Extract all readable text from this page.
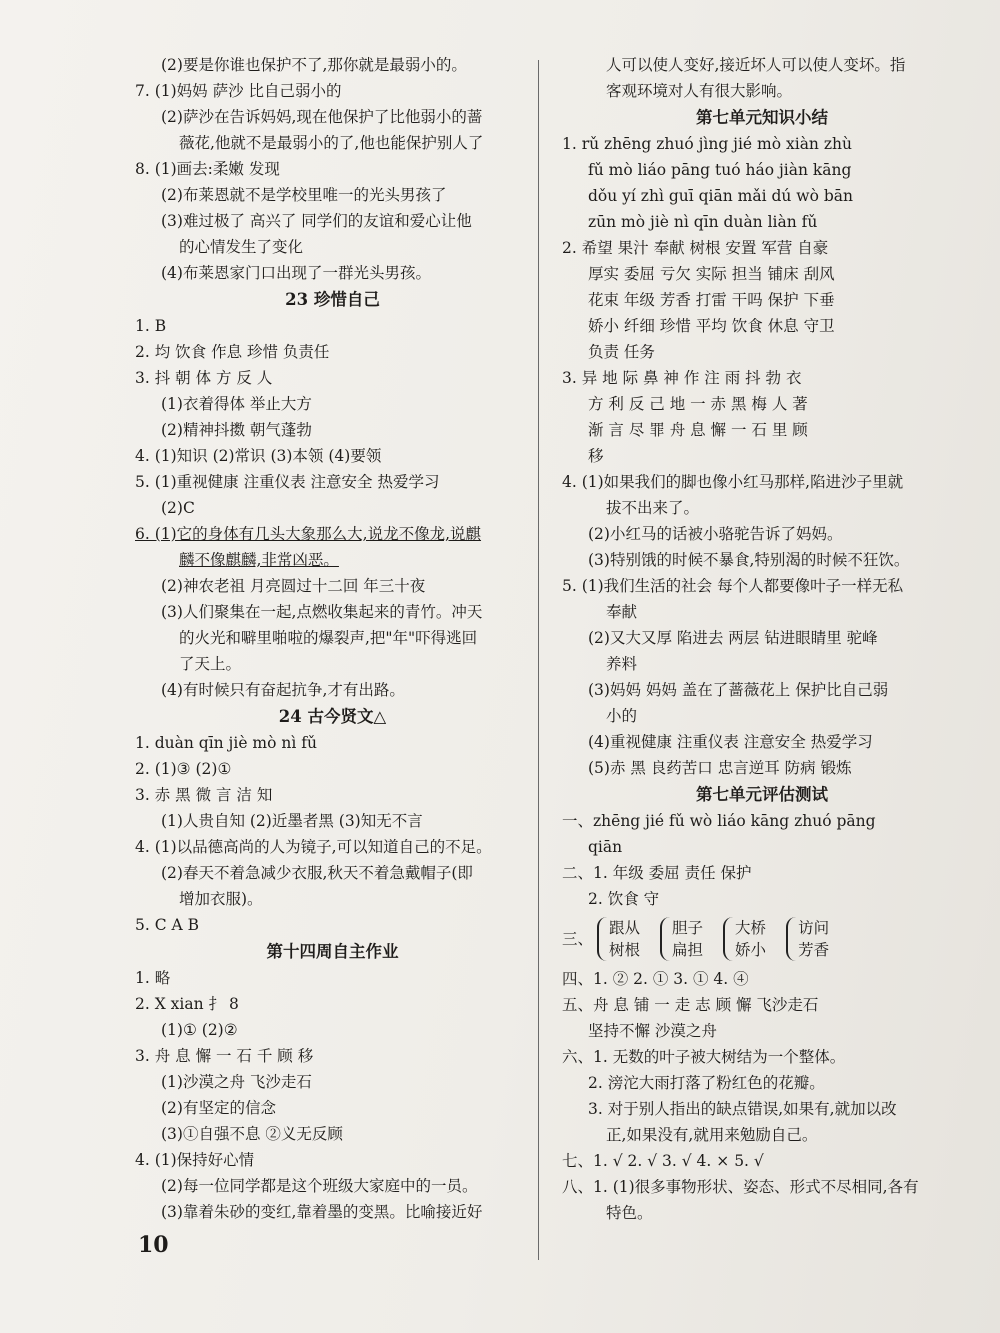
(2)要是你谁也保护不了,那你就是最弱小的。
7. (1)妈妈 萨沙 比自己弱小的
(2)萨沙在告诉妈妈,现在他保护了比他弱小的蔷
薇花,他就不是最弱小的了,他也能保护别人了
8. (1)画去:柔嫩 发现
(2)布莱恩就不是学校里唯一的光头男孩了
(3)难过极了 高兴了 同学们的友谊和爱心让他
的心情发生了变化
(4)布莱恩家门口出现了一群光头男孩。
23 珍惜自己
1. B
2. 均 饮食 作息 珍惜 负责任
3. 抖 朝 体 方 反 人
(1)衣着得体 举止大方
(2)精神抖擞 朝气蓬勃
4. (1)知识 (2)常识 (3)本领 (4)要领
5. (1)重视健康 注重仪表 注意安全 热爱学习
(2)C
6. (1)它的身体有几头大象那么大,说龙不像龙,说麒
麟不像麒麟,非常凶恶。
(2)神农老祖 月亮圆过十二回 年三十夜
(3)人们聚集在一起,点燃收集起来的青竹。冲天
的火光和噼里啪啦的爆裂声,把"年"吓得逃回
了天上。
(4)有时候只有奋起抗争,才有出路。
24 古今贤文△
1. duàn qīn jiè mò nì fǔ
2. (1)③ (2)①
3. 赤 黑 微 言 洁 知
(1)人贵自知 (2)近墨者黑 (3)知无不言
4. (1)以品德高尚的人为镜子,可以知道自己的不足。
(2)春天不着急减少衣服,秋天不着急戴帽子(即
增加衣服)。
5. C A B
第十四周自主作业
1. 略
2. X xian 扌 8
(1)① (2)②
3. 舟 息 懈 一 石 千 顾 移
(1)沙漠之舟 飞沙走石
(2)有坚定的信念
(3)①自强不息 ②义无反顾
4. (1)保持好心情
(2)每一位同学都是这个班级大家庭中的一员。
(3)靠着朱砂的变红,靠着墨的变黑。比喻接近好
人可以使人变好,接近坏人可以使人变坏。指
客观环境对人有很大影响。
第七单元知识小结
1. rǔ zhēng zhuó jìng jié mò xiàn zhù
fǔ mò liáo pāng tuó háo jiàn kāng
dǒu yí zhì guī qiān mǎi dú wò bān
zūn mò jiè nì qīn duàn liàn fǔ
2. 希望 果汁 奉献 树根 安置 军营 自豪
厚实 委屈 亏欠 实际 担当 铺床 刮风
花束 年级 芳香 打雷 干吗 保护 下垂
娇小 纤细 珍惜 平均 饮食 休息 守卫
负责 任务
3. 异 地 际 鼻 神 作 注 雨 抖 勃 衣
方 利 反 己 地 一 赤 黑 梅 人 著
渐 言 尽 罪 舟 息 懈 一 石 里 顾
移
4. (1)如果我们的脚也像小红马那样,陷进沙子里就
拔不出来了。
(2)小红马的话被小骆驼告诉了妈妈。
(3)特别饿的时候不暴食,特别渴的时候不狂饮。
5. (1)我们生活的社会 每个人都要像叶子一样无私
奉献
(2)又大又厚 陷进去 两层 钻进眼睛里 驼峰
养料
(3)妈妈 妈妈 盖在了蔷薇花上 保护比自己弱
小的
(4)重视健康 注重仪表 注意安全 热爱学习
(5)赤 黑 良药苦口 忠言逆耳 防病 锻炼
第七单元评估测试
一、zhēng jié fǔ wò liáo kāng zhuó pāng
qiān
二、1. 年级 委屈 责任 保护
2. 饮食 守
三、
跟从
树根
胆子
扁担
大桥
娇小
访问
芳香
四、1. ② 2. ① 3. ① 4. ④
五、舟 息 铺 一 走 志 顾 懈 飞沙走石
坚持不懈 沙漠之舟
六、1. 无数的叶子被大树结为一个整体。
2. 滂沱大雨打落了粉红色的花瓣。
3. 对于别人指出的缺点错误,如果有,就加以改
正,如果没有,就用来勉励自己。
七、1. √ 2. √ 3. √ 4. × 5. √
八、1. (1)很多事物形状、姿态、形式不尽相同,各有
特色。
10
